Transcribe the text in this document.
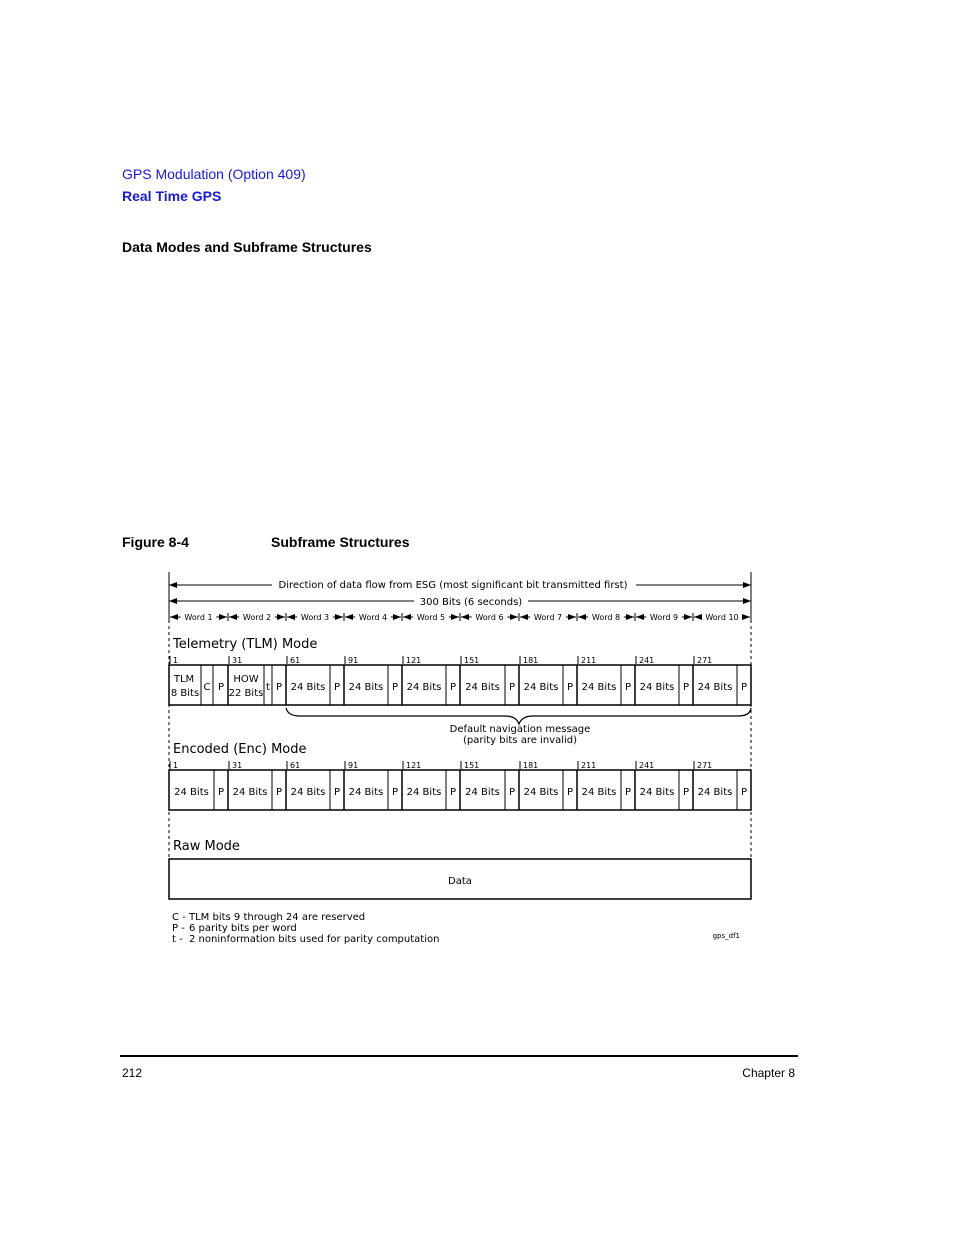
GPS Modulation (Option 409)
Real Time GPS
Data Modes and Subframe Structures
Figure 8-4	Subframe Structures
Direction of data flow from ESG (most significant bit transmitted first)
300 Bits (6 seconds)
Word 1	Word 2	Word 3	Word 4	Word 5	Word 6	Word 7	Word 8	Word 9	Word 10
Telemetry (TLM) Mode
1	31	61	91	121	151	181	211	241	271
TLM
8 Bits
C P
HOW
22 Bits
t P 24 Bits P 24 Bits P 24 Bits P 24 Bits P 24 Bits P 24 Bits P 24 Bits P 24 Bits P
Default navigation message
(parity bits are invalid)
Encoded (Enc) Mode
1	31	61	91	121	151	181	211	241	271
24 Bits P 24 Bits P 24 Bits P 24 Bits P 24 Bits P 24 Bits P 24 Bits P 24 Bits P 24 Bits P 24 Bits P
Raw Mode
Data
C - TLM bits 9 through 24 are reserved
P - 6 parity bits per word
t - 2 noninformation bits used for parity computation	gps_df1
212	Chapter 8
